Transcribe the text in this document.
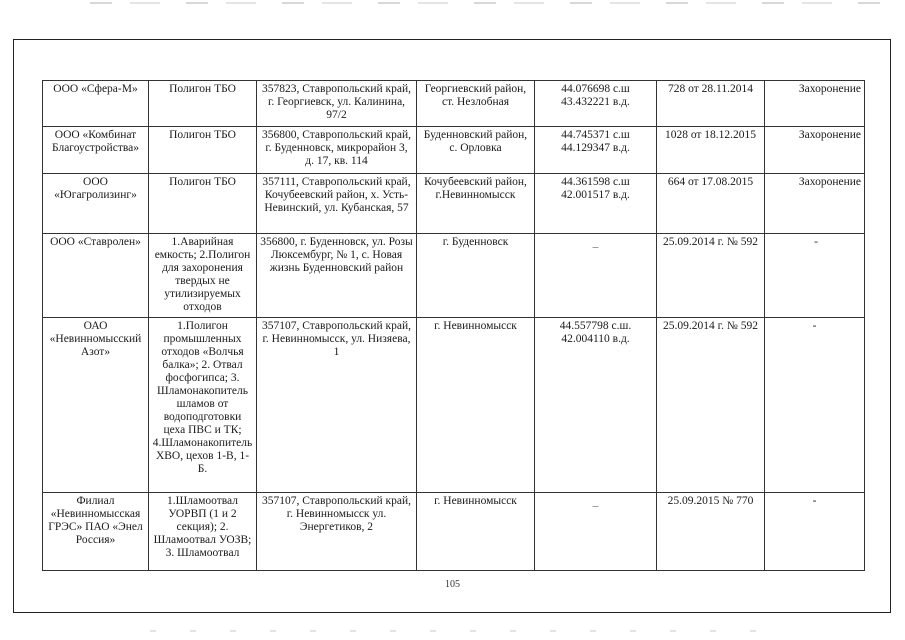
ООО «Сфера-М»	Полигон ТБО	357823, Ставропольский край, г. Георгиевск, ул. Калинина, 97/2	Георгиевский район, ст. Незлобная	44.076698 с.ш 43.432221 в.д.	728 от 28.11.2014	Захоронение
ООО «Комбинат Благоустройства»	Полигон ТБО	356800, Ставропольский край, г. Буденновск, микрорайон 3, д. 17, кв. 114	Буденновский район, с. Орловка	44.745371 с.ш 44.129347 в.д.	1028 от 18.12.2015	Захоронение
ООО «Югагролизинг»	Полигон ТБО	357111, Ставропольский край, Кочубеевский район, х. Усть-Невинский, ул. Кубанская, 57	Кочубеевский район, г.Невинномысск	44.361598 с.ш 42.001517 в.д.	664 от 17.08.2015	Захоронение
ООО «Ставролен»	1.Аварийная емкость; 2.Полигон для захоронения твердых не утилизируемых отходов	356800, г. Буденновск, ул. Розы Люксембург, № 1, с. Новая жизнь Буденновский район	г. Буденновск	–	25.09.2014 г. № 592	-
ОАО «Невинномысский Азот»	1.Полигон промышленных отходов «Волчья балка»; 2. Отвал фосфогипса; 3. Шламонакопитель шламов от водоподготовки цеха ПВС и ТК; 4.Шламонакопитель ХВО, цехов 1-В, 1-Б.	357107, Ставропольский край, г. Невинномысск, ул. Низяева, 1	г. Невинномысск	44.557798 с.ш. 42.004110 в.д.	25.09.2014 г. № 592	-
Филиал «Невинномысская ГРЭС» ПАО «Энел Россия»	1.Шламоотвал УОРВП (1 и 2 секция); 2. Шламоотвал УОЗВ; 3. Шламоотвал	357107, Ставропольский край, г. Невинномысск ул. Энергетиков, 2	г. Невинномысск	–	25.09.2015 № 770	-
105
